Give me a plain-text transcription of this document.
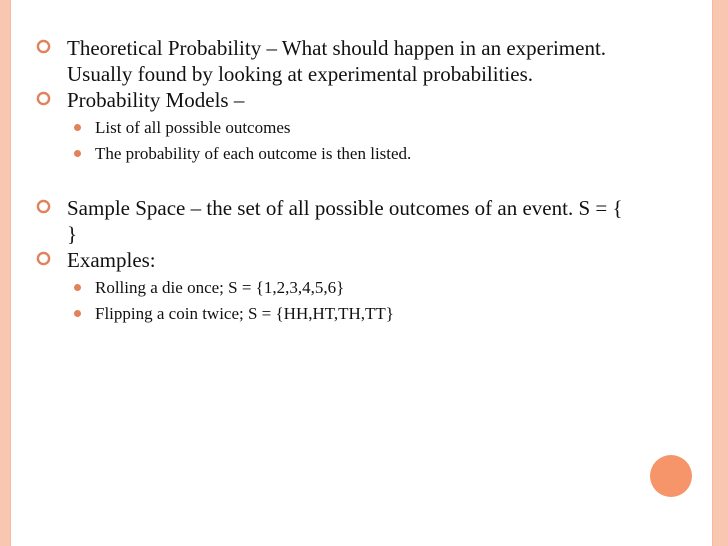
Theoretical Probability – What should happen in an experiment. Usually found by looking at experimental probabilities.
Probability Models –
List of all possible outcomes
The probability of each outcome is then listed.
Sample Space – the set of all possible outcomes of an event. S = { }
Examples:
Rolling a die once; S = {1,2,3,4,5,6}
Flipping a coin twice; S = {HH,HT,TH,TT}
